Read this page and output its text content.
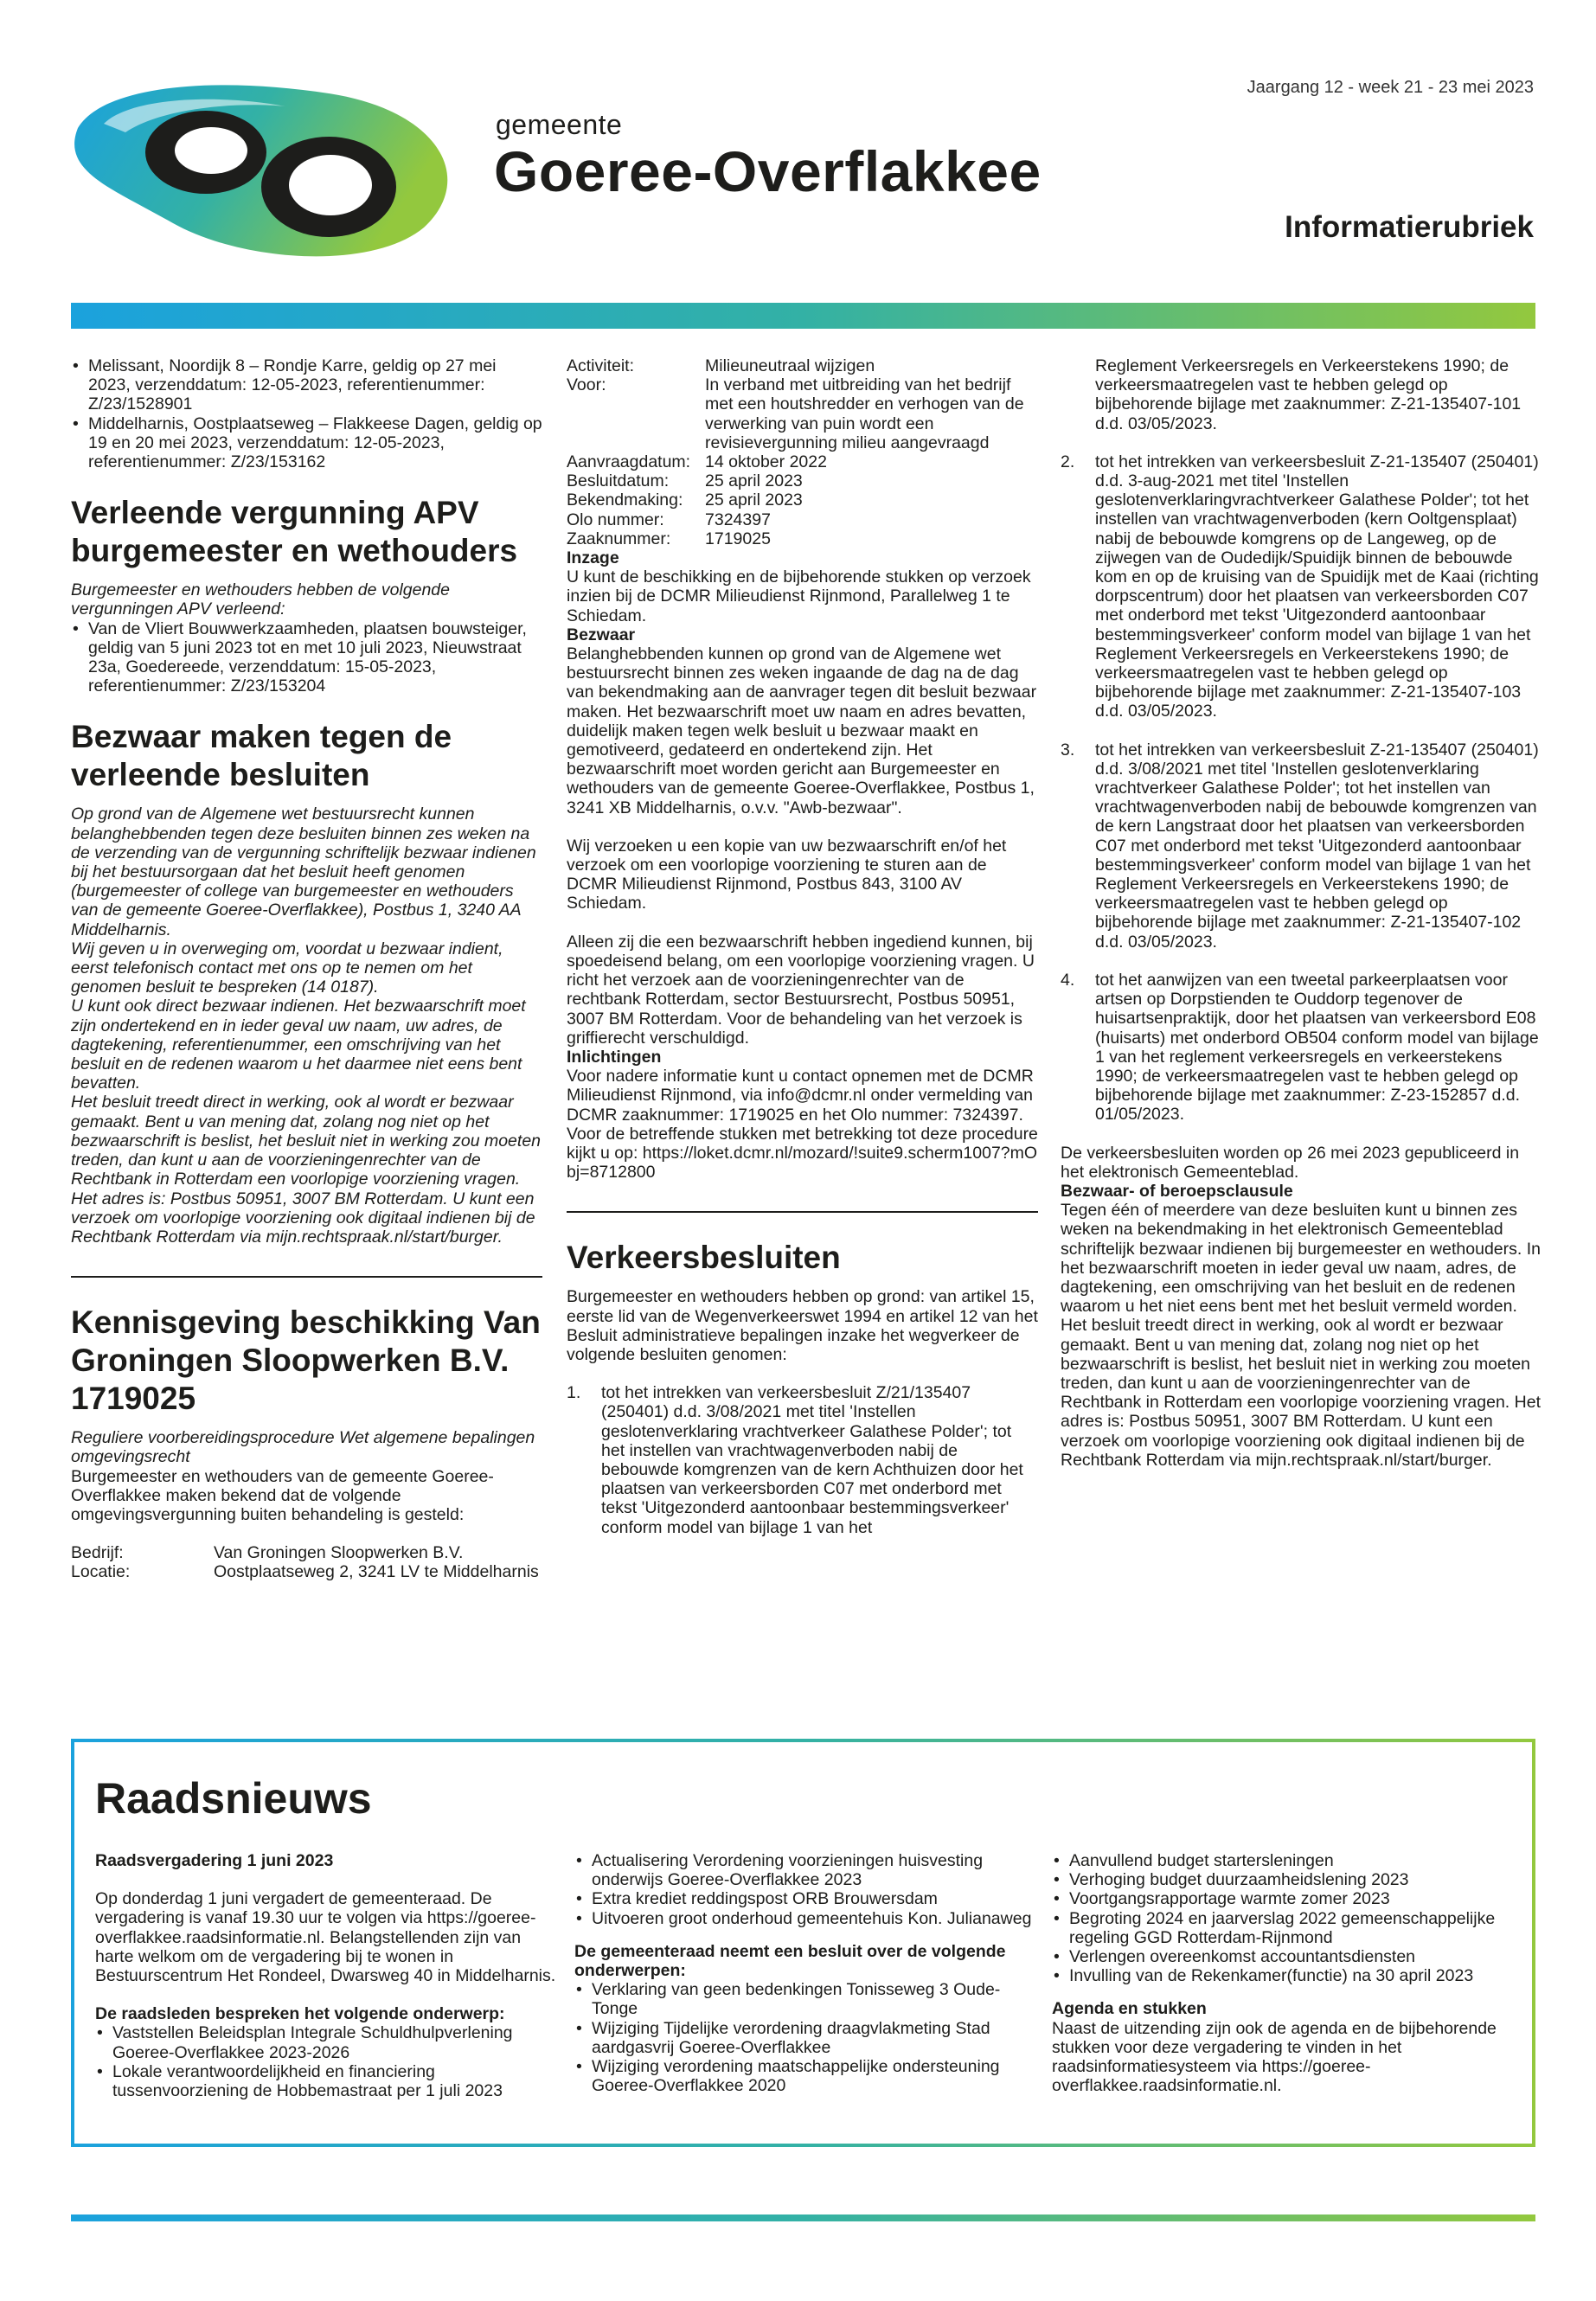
gemeente
Goeree-Overflakkee
Jaargang 12 - week 21 - 23 mei 2023
Informatierubriek
• Melissant, Noordijk 8 – Rondje Karre, geldig op 27 mei 2023, verzenddatum: 12-05-2023, referentienummer: Z/23/1528901
• Middelharnis, Oostplaatseweg – Flakkeese Dagen, geldig op 19 en 20 mei 2023, verzenddatum: 12-05-2023, referentienummer: Z/23/153162
Verleende vergunning APV burgemeester en wethouders

Burgemeester en wethouders hebben de volgende vergunningen APV verleend:

• Van de Vliert Bouwwerkzaamheden, plaatsen bouwsteiger, geldig van 5 juni 2023 tot en met 10 juli 2023, Nieuwstraat 23a, Goedereede, verzenddatum: 15-05-2023, referentienummer: Z/23/153204
Bezwaar maken tegen de verleende besluiten

Op grond van de Algemene wet bestuursrecht kunnen belanghebbenden tegen deze besluiten binnen zes weken na de verzending van de vergunning schriftelijk bezwaar indienen bij het bestuursorgaan dat het besluit heeft genomen (burgemeester of college van burgemeester en wethouders van de gemeente Goeree-Overflakkee), Postbus 1, 3240 AA Middelharnis.

Wij geven u in overweging om, voordat u bezwaar indient, eerst telefonisch contact met ons op te nemen om het genomen besluit te bespreken (14 0187).

U kunt ook direct bezwaar indienen. Het bezwaarschrift moet zijn ondertekend en in ieder geval uw naam, uw adres, de dagtekening, referentienummer, een omschrijving van het besluit en de redenen waarom u het daarmee niet eens bent bevatten.

Het besluit treedt direct in werking, ook al wordt er bezwaar gemaakt. Bent u van mening dat, zolang nog niet op het bezwaarschrift is beslist, het besluit niet in werking zou moeten treden, dan kunt u aan de voorzieningenrechter van de Rechtbank in Rotterdam een voorlopige voorziening vragen. Het adres is: Postbus 50951, 3007 BM Rotterdam. U kunt een verzoek om voorlopige voorziening ook digitaal indienen bij de Rechtbank Rotterdam via mijn.rechtspraak.nl/start/burger.

Kennisgeving beschikking Van Groningen Sloopwerken B.V. 1719025

Reguliere voorbereidingsprocedure Wet algemene bepalingen omgevingsrecht

Burgemeester en wethouders van de gemeente Goeree-Overflakkee maken bekend dat de volgende omgevingsvergunning buiten behandeling is gesteld:

Bedrijf:	Van Groningen Sloopwerken B.V.
Locatie:	Oostplaatseweg 2, 3241 LV te Middelharnis
Activiteit:	Milieuneutraal wijzigen
Voor:	In verband met uitbreiding van het bedrijf met een houtshredder en verhogen van de verwerking van puin wordt een revisievergunning milieu aangevraagd
Aanvraagdatum: 14 oktober 2022
Besluitdatum:	25 april 2023
Bekendmaking:	25 april 2023
Olo nummer:	7324397
Zaaknummer:	1719025

Inzage

U kunt de beschikking en de bijbehorende stukken op verzoek inzien bij de DCMR Milieudienst Rijnmond, Parallelweg 1 te Schiedam.

Bezwaar

Belanghebbenden kunnen op grond van de Algemene wet bestuursrecht binnen zes weken ingaande de dag na de dag van bekendmaking aan de aanvrager tegen dit besluit bezwaar maken. Het bezwaarschrift moet uw naam en adres bevatten, duidelijk maken tegen welk besluit u bezwaar maakt en gemotiveerd, gedateerd en ondertekend zijn. Het bezwaarschrift moet worden gericht aan Burgemeester en wethouders van de gemeente Goeree-Overflakkee, Postbus 1, 3241 XB Middelharnis, o.v.v. "Awb-bezwaar".

Wij verzoeken u een kopie van uw bezwaarschrift en/of het verzoek om een voorlopige voorziening te sturen aan de DCMR Milieudienst Rijnmond, Postbus 843, 3100 AV Schiedam.

Alleen zij die een bezwaarschrift hebben ingediend kunnen, bij spoedeisend belang, om een voorlopige voorziening vragen. U richt het verzoek aan de voorzieningenrechter van de rechtbank Rotterdam, sector Bestuursrecht, Postbus 50951, 3007 BM Rotterdam. Voor de behandeling van het verzoek is griffierecht verschuldigd.

Inlichtingen

Voor nadere informatie kunt u contact opnemen met de DCMR Milieudienst Rijnmond, via info@dcmr.nl onder vermelding van DCMR zaaknummer: 1719025 en het Olo nummer: 7324397.

Voor de betreffende stukken met betrekking tot deze procedure kijkt u op: https://loket.dcmr.nl/mozard/!suite9.scherm1007?mObj=8712800

Verkeersbesluiten

Burgemeester en wethouders hebben op grond: van artikel 15, eerste lid van de Wegenverkeerswet 1994 en artikel 12 van het Besluit administratieve bepalingen inzake het wegverkeer de volgende besluiten genomen:

1. tot het intrekken van verkeersbesluit Z/21/135407 (250401) d.d. 3/08/2021 met titel 'Instellen geslotenverklaring vrachtverkeer Galathese Polder'; tot het instellen van vrachtwagenverboden nabij de bebouwde komgrenzen van de kern Achthuizen door het plaatsen van verkeersborden C07 met onderbord met tekst 'Uitgezonderd aantoonbaar bestemmingsverkeer' conform model van bijlage 1 van het

Reglement Verkeersregels en Verkeerstekens 1990; de verkeersmaatregelen vast te hebben gelegd op bijbehorende bijlage met zaaknummer: Z-21-135407-101 d.d. 03/05/2023.

2. tot het intrekken van verkeersbesluit Z-21-135407 (250401) d.d. 3-aug-2021 met titel 'Instellen geslotenverklaringvrachtverkeer Galathese Polder'; tot het instellen van vrachtwagenverboden (kern Ooltgensplaat) nabij de bebouwde komgrens op de Langeweg, op de zijwegen van de Oudedijk/Spuidijk binnen de bebouwde kom en op de kruising van de Spuidijk met de Kaai (richting dorpscentrum) door het plaatsen van verkeersborden C07 met onderbord met tekst 'Uitgezonderd aantoonbaar bestemmingsverkeer' conform model van bijlage 1 van het Reglement Verkeersregels en Verkeerstekens 1990; de verkeersmaatregelen vast te hebben gelegd op bijbehorende bijlage met zaaknummer: Z-21-135407-103 d.d. 03/05/2023.
3. tot het intrekken van verkeersbesluit Z-21-135407 (250401) d.d. 3/08/2021 met titel 'Instellen geslotenverklaring vrachtverkeer Galathese Polder'; tot het instellen van vrachtwagenverboden nabij de bebouwde komgrenzen van de kern Langstraat door het plaatsen van verkeersborden C07 met onderbord met tekst 'Uitgezonderd aantoonbaar bestemmingsverkeer' conform model van bijlage 1 van het Reglement Verkeersregels en Verkeerstekens 1990; de verkeersmaatregelen vast te hebben gelegd op bijbehorende bijlage met zaaknummer: Z-21-135407-102 d.d. 03/05/2023.
4. tot het aanwijzen van een tweetal parkeerplaatsen voor artsen op Dorpstienden te Ouddorp tegenover de huisartsenpraktijk, door het plaatsen van verkeersbord E08 (huisarts) met onderbord OB504 conform model van bijlage 1 van het reglement verkeersregels en verkeerstekens 1990; de verkeersmaatregelen vast te hebben gelegd op bijbehorende bijlage met zaaknummer: Z-23-152857 d.d. 01/05/2023.

De verkeersbesluiten worden op 26 mei 2023 gepubliceerd in het elektronisch Gemeenteblad.

Bezwaar- of beroepsclausule

Tegen één of meerdere van deze besluiten kunt u binnen zes weken na bekendmaking in het elektronisch Gemeenteblad schriftelijk bezwaar indienen bij burgemeester en wethouders. In het bezwaarschrift moeten in ieder geval uw naam, adres, de dagtekening, een omschrijving van het besluit en de redenen waarom u het niet eens bent met het besluit vermeld worden. Het besluit treedt direct in werking, ook al wordt er bezwaar gemaakt. Bent u van mening dat, zolang nog niet op het bezwaarschrift is beslist, het besluit niet in werking zou moeten treden, dan kunt u aan de voorzieningenrechter van de Rechtbank in Rotterdam een voorlopige voorziening vragen. Het adres is: Postbus 50951, 3007 BM Rotterdam. U kunt een verzoek om voorlopige voorziening ook digitaal indienen bij de Rechtbank Rotterdam via mijn.rechtspraak.nl/start/burger.

Raadsnieuws

Raadsvergadering 1 juni 2023

Op donderdag 1 juni vergadert de gemeenteraad. De vergadering is vanaf 19.30 uur te volgen via https://goeree-overflakkee.raadsinformatie.nl. Belangstellenden zijn van harte welkom om de vergadering bij te wonen in Bestuurscentrum Het Rondeel, Dwarsweg 40 in Middelharnis.

De raadsleden bespreken het volgende onderwerp:

• Vaststellen Beleidsplan Integrale Schuldhulpverlening Goeree-Overflakkee 2023-2026
• Lokale verantwoordelijkheid en financiering tussenvoorziening de Hobbemastraat per 1 juli 2023
• Actualisering Verordening voorzieningen huisvesting onderwijs Goeree-Overflakkee 2023
• Extra krediet reddingspost ORB Brouwersdam
• Uitvoeren groot onderhoud gemeentehuis Kon. Julianaweg

De gemeenteraad neemt een besluit over de volgende onderwerpen:

• Verklaring van geen bedenkingen Tonisseweg 3 Oude-Tonge
• Wijziging Tijdelijke verordening draagvlakmeting Stad aardgasvrij Goeree-Overflakkee
• Wijziging verordening maatschappelijke ondersteuning Goeree-Overflakkee 2020
• Aanvullend budget startersleningen
• Verhoging budget duurzaamheidslening 2023
• Voortgangsrapportage warmte zomer 2023
• Begroting 2024 en jaarverslag 2022 gemeenschappelijke regeling GGD Rotterdam-Rijnmond
• Verlengen overeenkomst accountantsdiensten
• Invulling van de Rekenkamer(functie) na 30 april 2023

Agenda en stukken

Naast de uitzending zijn ook de agenda en de bijbehorende stukken voor deze vergadering te vinden in het raadsinformatiesysteem via https://goeree-overflakkee.raadsinformatie.nl.
